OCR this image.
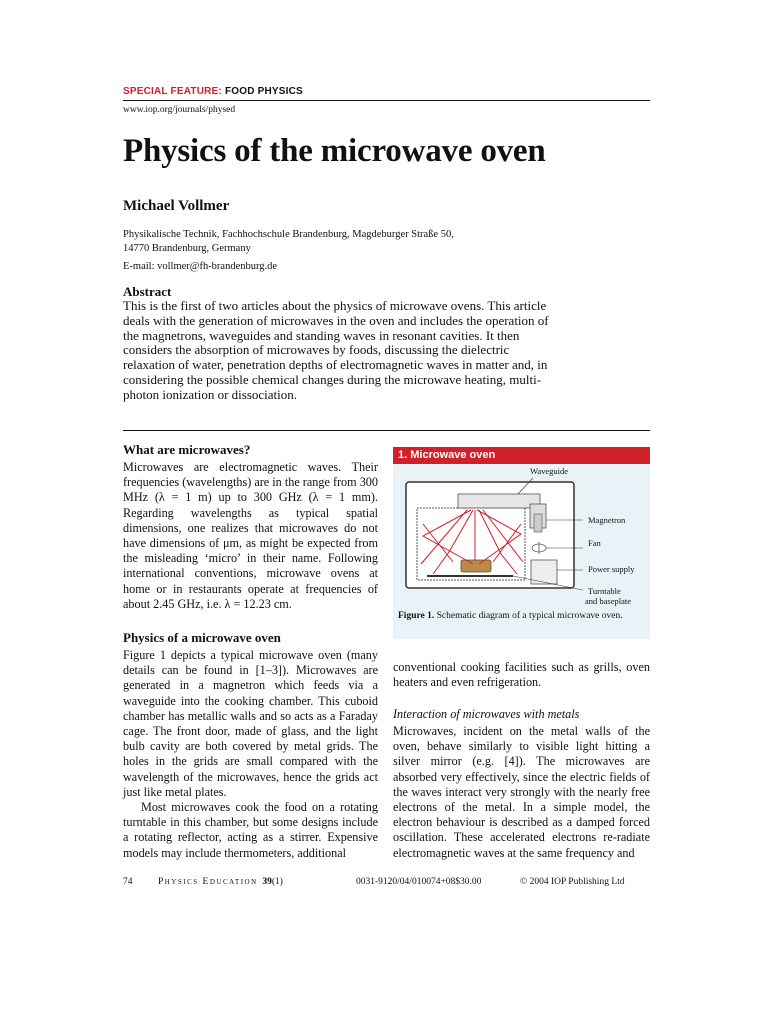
SPECIAL FEATURE: FOOD PHYSICS
www.iop.org/journals/physed
Physics of the microwave oven
Michael Vollmer
Physikalische Technik, Fachhochschule Brandenburg, Magdeburger Straße 50,
14770 Brandenburg, Germany
E-mail: vollmer@fh-brandenburg.de
Abstract
This is the first of two articles about the physics of microwave ovens. This article deals with the generation of microwaves in the oven and includes the operation of the magnetrons, waveguides and standing waves in resonant cavities. It then considers the absorption of microwaves by foods, discussing the dielectric relaxation of water, penetration depths of electromagnetic waves in matter and, in considering the possible chemical changes during the microwave heating, multi-photon ionization or dissociation.
What are microwaves?

Microwaves are electromagnetic waves. Their frequencies (wavelengths) are in the range from 300 MHz (λ = 1 m) up to 300 GHz (λ = 1 mm). Regarding wavelengths as typical spatial dimensions, one realizes that microwaves do not have dimensions of μm, as might be expected from the misleading ‘micro’ in their name. Following international conventions, microwave ovens at home or in restaurants operate at frequencies of about 2.45 GHz, i.e. λ = 12.23 cm.

Physics of a microwave oven

Figure 1 depicts a typical microwave oven (many details can be found in [1–3]). Microwaves are generated in a magnetron which feeds via a waveguide into the cooking chamber. This cuboid chamber has metallic walls and so acts as a Faraday cage. The front door, made of glass, and the light bulb cavity are both covered by metal grids. The holes in the grids are small compared with the wavelength of the microwaves, hence the grids act just like metal plates.

Most microwaves cook the food on a rotating turntable in this chamber, but some designs include a rotating reflector, acting as a stirrer. Expensive models may include thermometers, additional

1. Microwave oven
Waveguide
Magnetron
Fan
Power supply
Turntable
and baseplate
Figure 1. Schematic diagram of a typical microwave oven.

conventional cooking facilities such as grills, oven heaters and even refrigeration.

Interaction of microwaves with metals

Microwaves, incident on the metal walls of the oven, behave similarly to visible light hitting a silver mirror (e.g. [4]). The microwaves are absorbed very effectively, since the electric fields of the waves interact very strongly with the nearly free electrons of the metal. In a simple model, the electron behaviour is described as a damped forced oscillation. These accelerated electrons re-radiate electromagnetic waves at the same frequency and

74	Physics Education 39(1)	0031-9120/04/010074+08$30.00	© 2004 IOP Publishing Ltd
